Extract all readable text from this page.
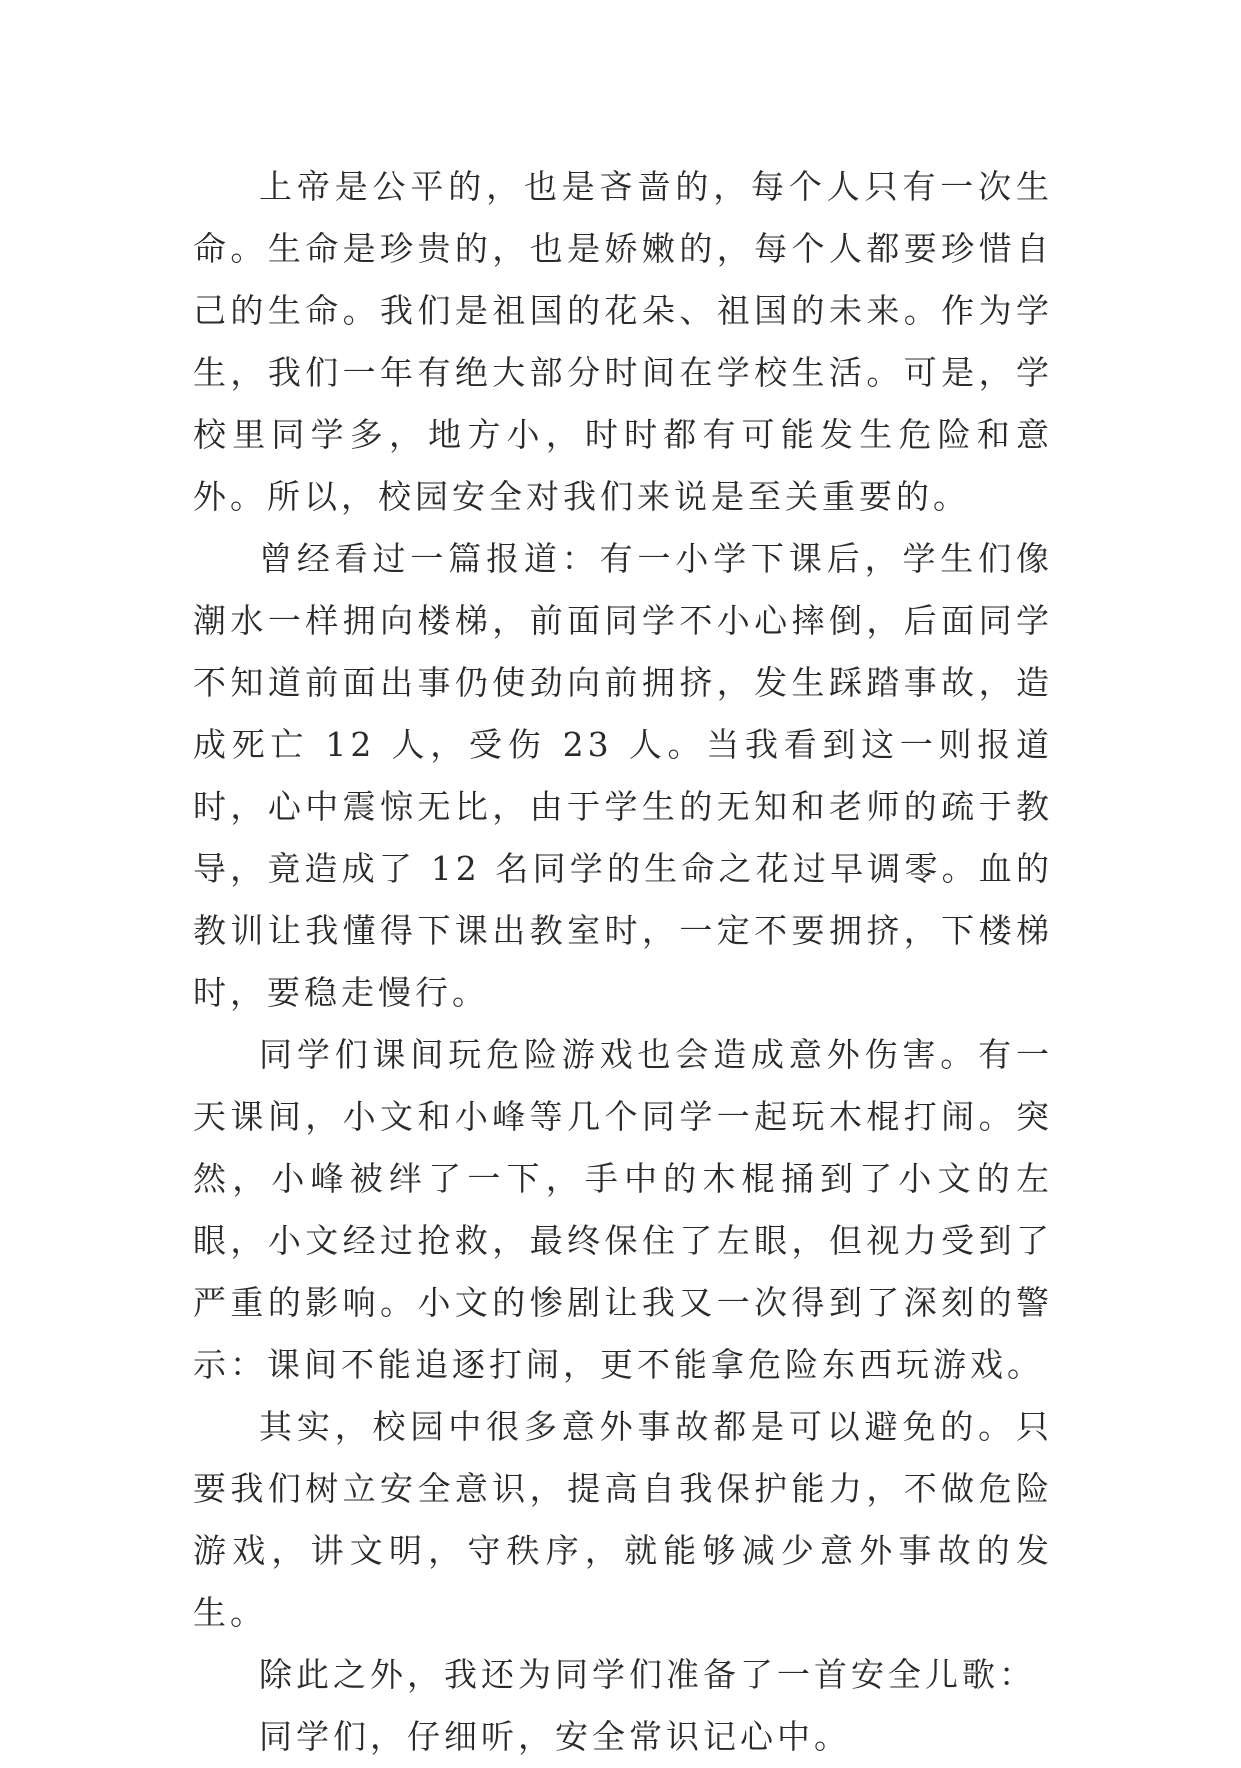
上帝是公平的，也是吝啬的，每个人只有一次生命。生命是珍贵的，也是娇嫩的，每个人都要珍惜自己的生命。我们是祖国的花朵、祖国的未来。作为学生，我们一年有绝大部分时间在学校生活。可是，学校里同学多，地方小，时时都有可能发生危险和意外。所以，校园安全对我们来说是至关重要的。

曾经看过一篇报道：有一小学下课后，学生们像潮水一样拥向楼梯，前面同学不小心摔倒，后面同学不知道前面出事仍使劲向前拥挤，发生踩踏事故，造成死亡 12 人，受伤 23 人。当我看到这一则报道时，心中震惊无比，由于学生的无知和老师的疏于教导，竟造成了 12 名同学的生命之花过早调零。血的教训让我懂得下课出教室时，一定不要拥挤，下楼梯时，要稳走慢行。

同学们课间玩危险游戏也会造成意外伤害。有一天课间，小文和小峰等几个同学一起玩木棍打闹。突然，小峰被绊了一下，手中的木棍捅到了小文的左眼，小文经过抢救，最终保住了左眼，但视力受到了严重的影响。小文的惨剧让我又一次得到了深刻的警示：课间不能追逐打闹，更不能拿危险东西玩游戏。

其实，校园中很多意外事故都是可以避免的。只要我们树立安全意识，提高自我保护能力，不做危险游戏，讲文明，守秩序，就能够减少意外事故的发生。

除此之外，我还为同学们准备了一首安全儿歌：

同学们，仔细听，安全常识记心中。
